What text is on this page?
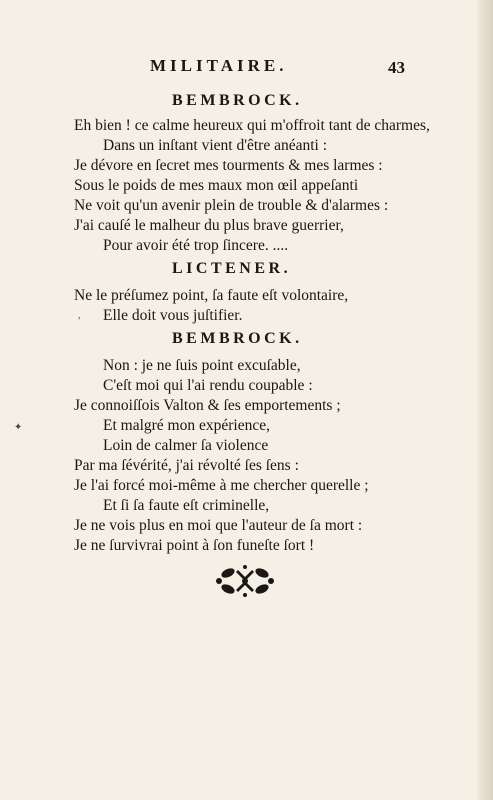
MILITAIRE.	43
BEMBROCK.
Eh bien ! ce calme heureux qui m'offroit tant de charmes,
Dans un inſtant vient d'être anéanti :
Je dévore en ſecret mes tourments & mes larmes :
Sous le poids de mes maux mon œil appeſanti
Ne voit qu'un avenir plein de trouble & d'alarmes :
J'ai cauſé le malheur du plus brave guerrier,
Pour avoir été trop ſincere. ....
LICTENER.
Ne le préſumez point, ſa faute eſt volontaire,
Elle doit vous juſtifier.
,
BEMBROCK.
Non : je ne ſuis point excuſable,
C'eſt moi qui l'ai rendu coupable :
Je connoiſſois Valton & ſes emportements ;
✦	Et malgré mon expérience,
Loin de calmer ſa violence
Par ma ſévérité, j'ai révolté ſes ſens :
Je l'ai forcé moi-même à me chercher querelle ;
Et ſi ſa faute eſt criminelle,
Je ne vois plus en moi que l'auteur de ſa mort :
Je ne ſurvivrai point à ſon funeſte ſort !
